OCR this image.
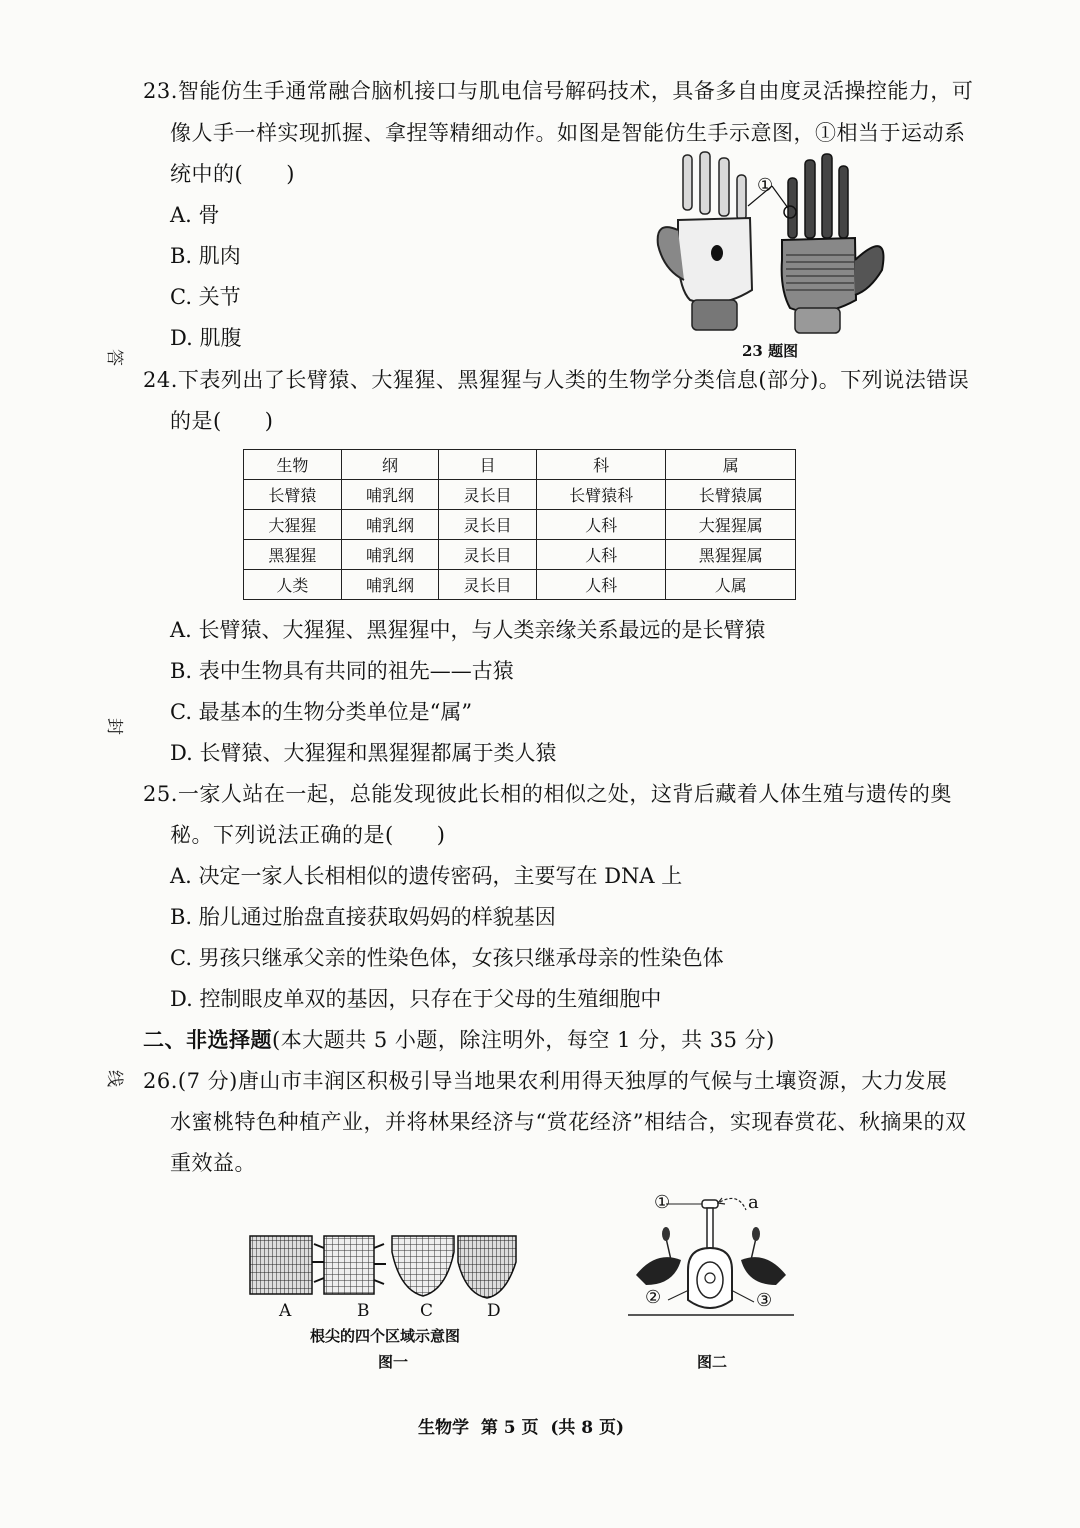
答
封
线
23.智能仿生手通常融合脑机接口与肌电信号解码技术，具备多自由度灵活操控能力，可
像人手一样实现抓握、拿捏等精细动作。如图是智能仿生手示意图，①相当于运动系
统中的(　　)
A. 骨
B. 肌肉
C. 关节
D. 肌腹
①
23 题图
24.下表列出了长臂猿、大猩猩、黑猩猩与人类的生物学分类信息(部分)。下列说法错误
的是(　　)
生物	纲	目	科	属
长臂猿	哺乳纲	灵长目	长臂猿科	长臂猿属
大猩猩	哺乳纲	灵长目	人科	大猩猩属
黑猩猩	哺乳纲	灵长目	人科	黑猩猩属
人类	哺乳纲	灵长目	人科	人属
A. 长臂猿、大猩猩、黑猩猩中，与人类亲缘关系最远的是长臂猿
B. 表中生物具有共同的祖先——古猿
C. 最基本的生物分类单位是“属”
D. 长臂猿、大猩猩和黑猩猩都属于类人猿
25.一家人站在一起，总能发现彼此长相的相似之处，这背后藏着人体生殖与遗传的奥
秘。下列说法正确的是(　　)
A. 决定一家人长相相似的遗传密码，主要写在 DNA 上
B. 胎儿通过胎盘直接获取妈妈的样貌基因
C. 男孩只继承父亲的性染色体，女孩只继承母亲的性染色体
D. 控制眼皮单双的基因，只存在于父母的生殖细胞中
二、非选择题(本大题共 5 小题，除注明外，每空 1 分，共 35 分)
26.(7 分)唐山市丰润区积极引导当地果农利用得天独厚的气候与土壤资源，大力发展
水蜜桃特色种植产业，并将林果经济与“赏花经济”相结合，实现春赏花、秋摘果的双
重效益。
A	B	C	D
根尖的四个区域示意图
图一
①	a
②	③
图二
生物学  第 5 页  (共 8 页)
